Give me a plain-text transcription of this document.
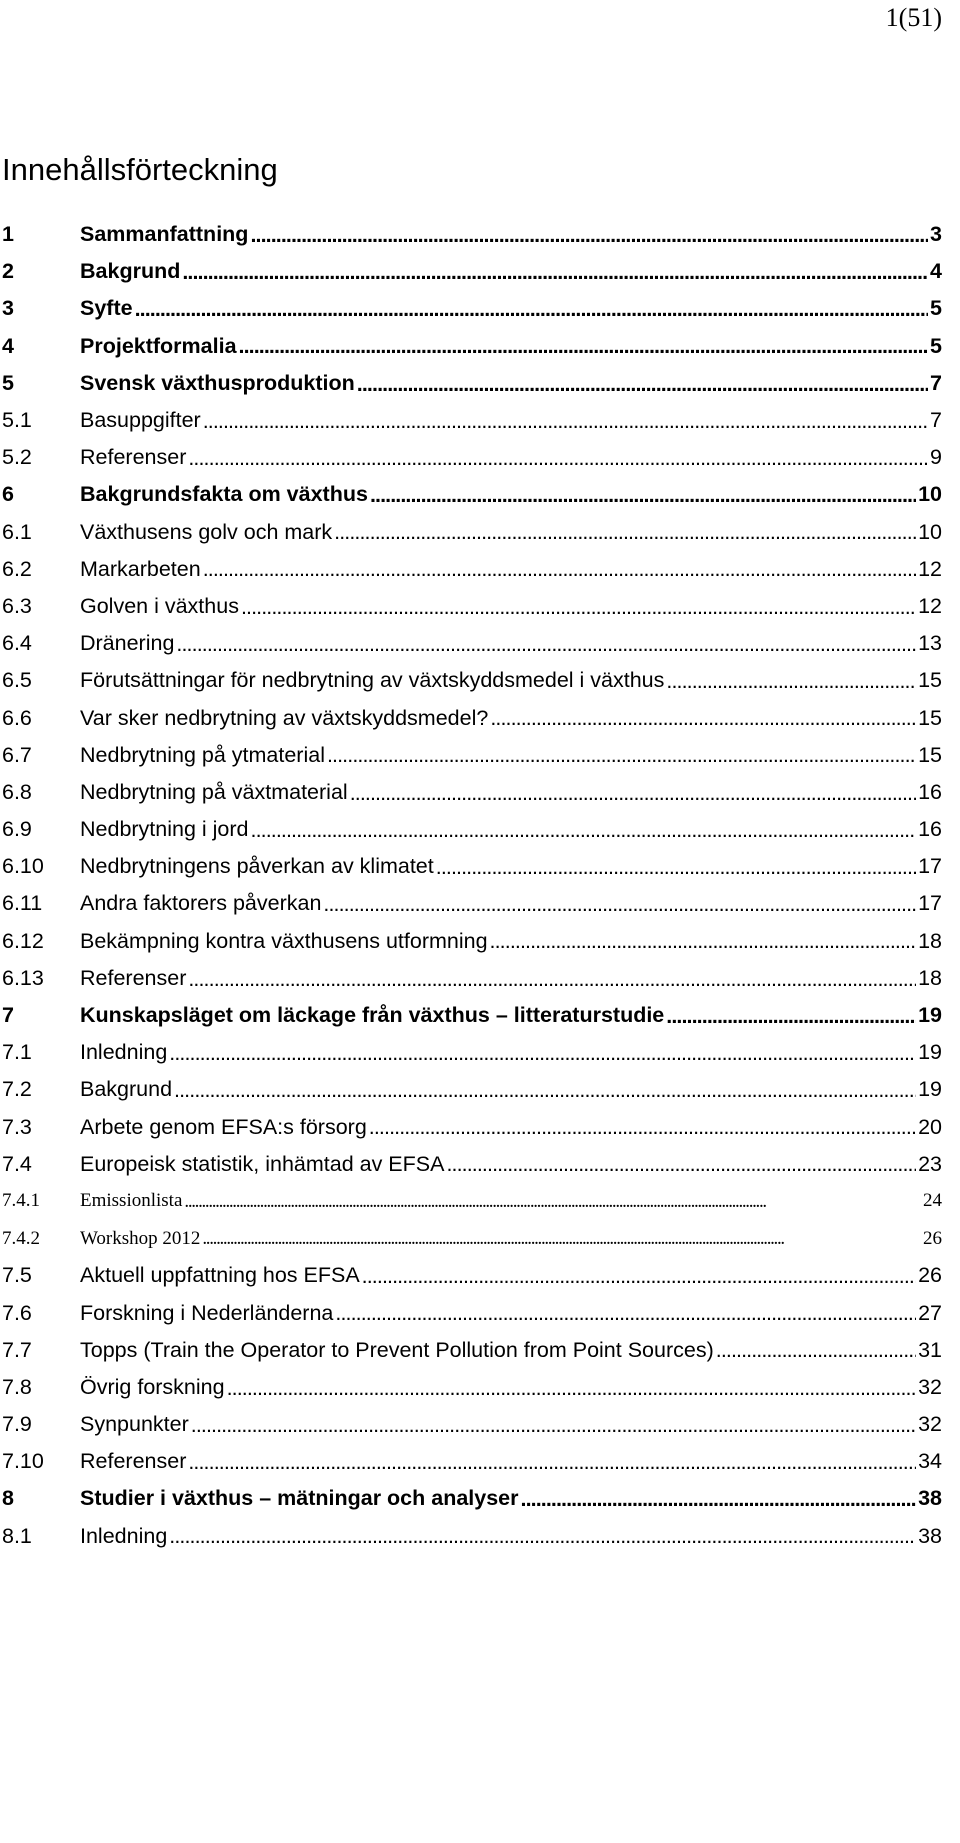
1(51)
Innehållsförteckning
1	Sammanfattning . . .	3
2	Bakgrund . . .	4
3	Syfte . . .	5
4	Projektformalia . . .	5
5	Svensk växthusproduktion . . .	7
5.1	Basuppgifter . . .	7
5.2	Referenser . . .	9
6	Bakgrundsfakta om växthus . . .	10
6.1	Växthusens golv och mark . . .	10
6.2	Markarbeten . . .	12
6.3	Golven i växthus . . .	12
6.4	Dränering . . .	13
6.5	Förutsättningar för nedbrytning av växtskyddsmedel i växthus . . .	15
6.6	Var sker nedbrytning av växtskyddsmedel? . . .	15
6.7	Nedbrytning på ytmaterial . . .	15
6.8	Nedbrytning på växtmaterial . . .	16
6.9	Nedbrytning i jord . . .	16
6.10	Nedbrytningens påverkan av klimatet . . .	17
6.11	Andra faktorers påverkan . . .	17
6.12	Bekämpning kontra växthusens utformning . . .	18
6.13	Referenser . . .	18
7	Kunskapsläget om läckage från växthus – litteraturstudie . . .	19
7.1	Inledning . . .	19
7.2	Bakgrund . . .	19
7.3	Arbete genom EFSA:s försorg . . .	20
7.4	Europeisk statistik, inhämtad av EFSA . . .	23
7.4.1	Emissionlista . . .	24
7.4.2	Workshop 2012 . . .	26
7.5	Aktuell uppfattning hos EFSA . . .	26
7.6	Forskning i Nederländerna . . .	27
7.7	Topps (Train the Operator to Prevent Pollution from Point Sources) . . .	31
7.8	Övrig forskning . . .	32
7.9	Synpunkter . . .	32
7.10	Referenser . . .	34
8	Studier i växthus – mätningar och analyser . . .	38
8.1	Inledning . . .	38
